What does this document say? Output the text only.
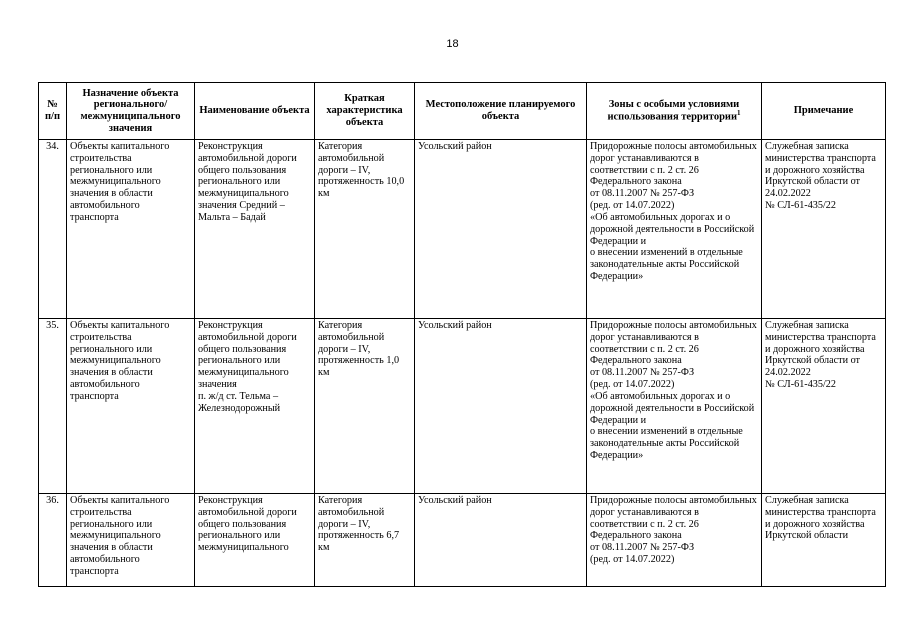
18
№
п/п	Назначение объекта регионального/ межмуниципального значения	Наименование объекта	Краткая характеристика объекта	Местоположение планируемого объекта	Зоны с особыми условиями использования территории$^1$	Примечание
34.	Объекты капитального строительства регионального или межмуниципального значения в области автомобильного транспорта	Реконструкция автомобильной дороги общего пользования регионального или межмуниципального значения Средний – Мальта – Бадай	Категория автомобильной дороги – IV, протяженность 10,0 км	Усольский район	Придорожные полосы автомобильных дорог устанавливаются в соответствии с п. 2 ст. 26 Федерального закона
от 08.11.2007 № 257-ФЗ
(ред. от 14.07.2022)
«Об автомобильных дорогах и о дорожной деятельности в Российской Федерации и
о внесении изменений в отдельные законодательные акты Российской Федерации»	Служебная записка министерства транспорта и дорожного хозяйства Иркутской области от 24.02.2022
№ СЛ-61-435/22
35.	Объекты капитального строительства регионального или межмуниципального значения в области автомобильного транспорта	Реконструкция автомобильной дороги общего пользования регионального или межмуниципального значения
п. ж/д ст. Тельма – Железнодорожный	Категория автомобильной дороги – IV, протяженность 1,0 км	Усольский район	Придорожные полосы автомобильных дорог устанавливаются в соответствии с п. 2 ст. 26 Федерального закона
от 08.11.2007 № 257-ФЗ
(ред. от 14.07.2022)
«Об автомобильных дорогах и о дорожной деятельности в Российской Федерации и
о внесении изменений в отдельные законодательные акты Российской Федерации»	Служебная записка министерства транспорта и дорожного хозяйства Иркутской области от 24.02.2022
№ СЛ-61-435/22
36.	Объекты капитального строительства регионального или межмуниципального значения в области автомобильного транспорта	Реконструкция автомобильной дороги общего пользования регионального или межмуниципального	Категория автомобильной дороги – IV, протяженность 6,7 км	Усольский район	Придорожные полосы автомобильных дорог устанавливаются в соответствии с п. 2 ст. 26 Федерального закона
от 08.11.2007 № 257-ФЗ
(ред. от 14.07.2022)	Служебная записка министерства транспорта и дорожного хозяйства Иркутской области
